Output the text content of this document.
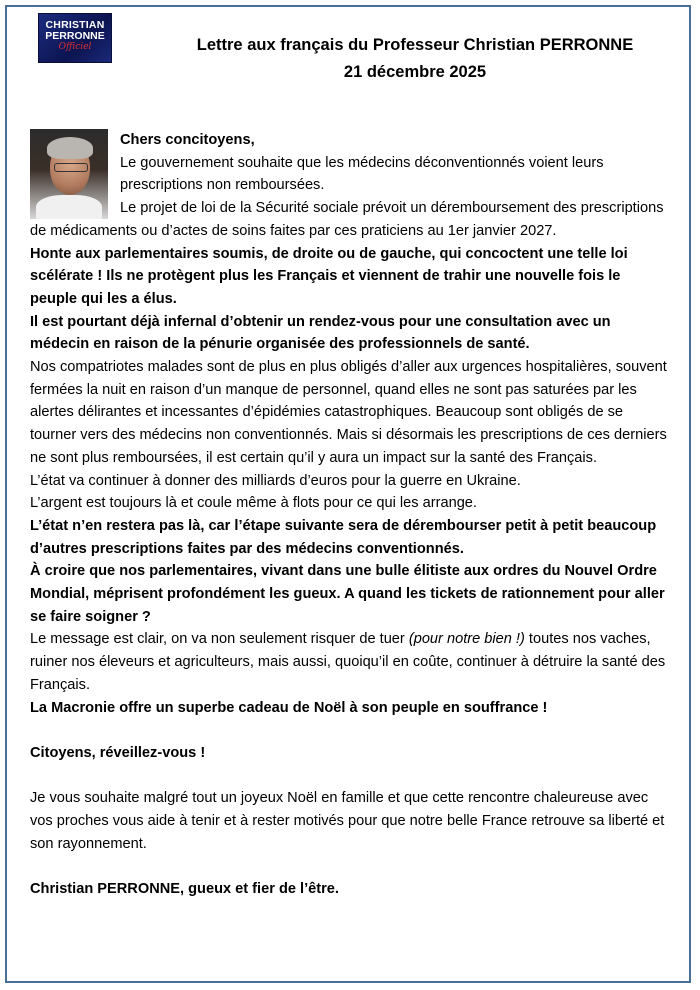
CHRISTIAN
PERRONNE
Officiel	Lettre aux français du Professeur Christian PERRONNE
21 décembre 2025

Chers concitoyens,

Le gouvernement souhaite que les médecins déconventionnés voient leurs prescriptions non remboursées.

Le projet de loi de la Sécurité sociale prévoit un déremboursement des prescriptions de médicaments ou d’actes de soins faites par ces praticiens au 1er janvier 2027.

Honte aux parlementaires soumis, de droite ou de gauche, qui concoctent une telle loi scélérate ! Ils ne protègent plus les Français et viennent de trahir une nouvelle fois le peuple qui les a élus.

Il est pourtant déjà infernal d’obtenir un rendez-vous pour une consultation avec un médecin en raison de la pénurie organisée des professionnels de santé.

Nos compatriotes malades sont de plus en plus obligés d’aller aux urgences hospitalières, souvent fermées la nuit en raison d’un manque de personnel, quand elles ne sont pas saturées par les alertes délirantes et incessantes d’épidémies catastrophiques. Beaucoup sont obligés de se tourner vers des médecins non conventionnés. Mais si désormais les prescriptions de ces derniers ne sont plus remboursées, il est certain qu’il y aura un impact sur la santé des Français.

L’état va continuer à donner des milliards d’euros pour la guerre en Ukraine.

L’argent est toujours là et coule même à flots pour ce qui les arrange.

L’état n’en restera pas là, car l’étape suivante sera de dérembourser petit à petit beaucoup d’autres prescriptions faites par des médecins conventionnés.

À croire que nos parlementaires, vivant dans une bulle élitiste aux ordres du Nouvel Ordre Mondial, méprisent profondément les gueux. A quand les tickets de rationnement pour aller se faire soigner ?

Le message est clair, on va non seulement risquer de tuer (pour notre bien !) toutes nos vaches, ruiner nos éleveurs et agriculteurs, mais aussi, quoiqu’il en coûte, continuer à détruire la santé des Français.

La Macronie offre un superbe cadeau de Noël à son peuple en souffrance !

Citoyens, réveillez-vous !

Je vous souhaite malgré tout un joyeux Noël en famille et que cette rencontre chaleureuse avec vos proches vous aide à tenir et à rester motivés pour que notre belle France retrouve sa liberté et son rayonnement.

Christian PERRONNE, gueux et fier de l’être.
